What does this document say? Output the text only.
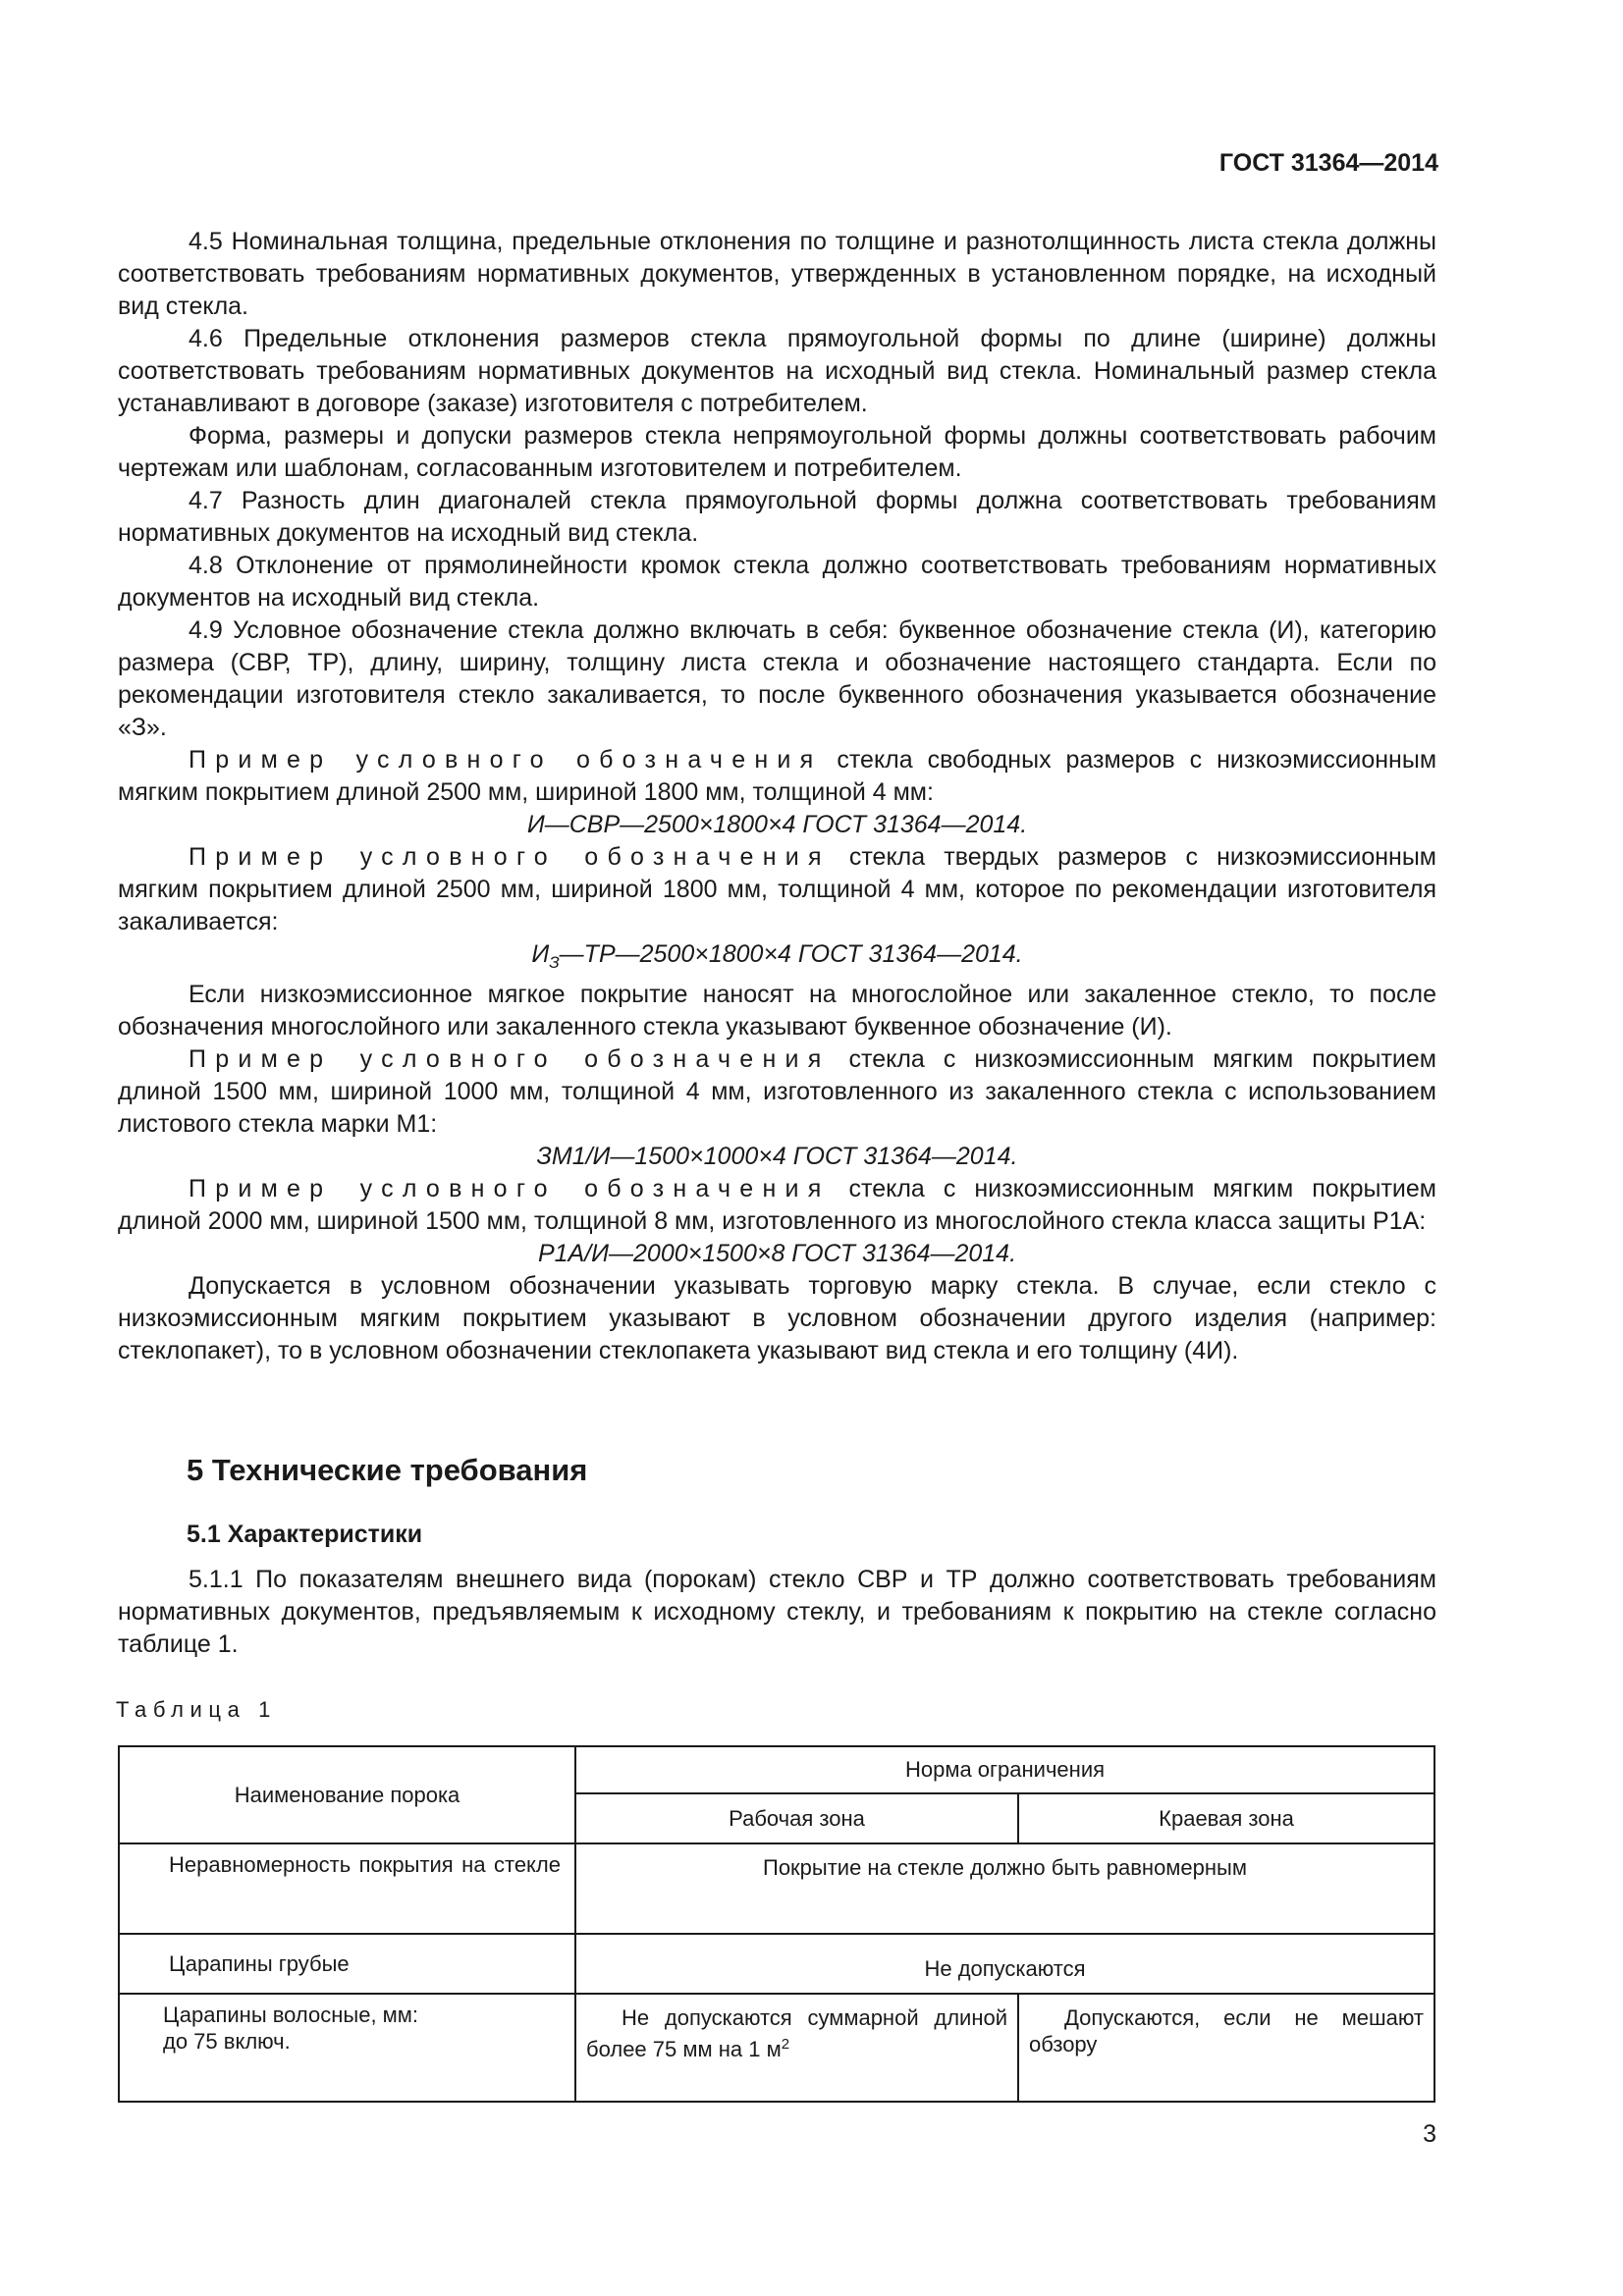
ГОСТ 31364—2014

4.5 Номинальная толщина, предельные отклонения по толщине и разнотолщинность листа стекла должны соответствовать требованиям нормативных документов, утвержденных в установленном порядке, на исходный вид стекла.

4.6 Предельные отклонения размеров стекла прямоугольной формы по длине (ширине) должны соответствовать требованиям нормативных документов на исходный вид стекла. Номинальный размер стекла устанавливают в договоре (заказе) изготовителя с потребителем.

Форма, размеры и допуски размеров стекла непрямоугольной формы должны соответствовать рабочим чертежам или шаблонам, согласованным изготовителем и потребителем.

4.7 Разность длин диагоналей стекла прямоугольной формы должна соответствовать требованиям нормативных документов на исходный вид стекла.

4.8 Отклонение от прямолинейности кромок стекла должно соответствовать требованиям нормативных документов на исходный вид стекла.

4.9 Условное обозначение стекла должно включать в себя: буквенное обозначение стекла (И), категорию размера (СВР, ТР), длину, ширину, толщину листа стекла и обозначение настоящего стандарта. Если по рекомендации изготовителя стекло закаливается, то после буквенного обозначения указывается обозначение «З».

Пример условного обозначения стекла свободных размеров с низкоэмиссионным мягким покрытием длиной 2500 мм, шириной 1800 мм, толщиной 4 мм:

И—СВР—2500×1800×4 ГОСТ 31364—2014.

Пример условного обозначения стекла твердых размеров с низкоэмиссионным мягким покрытием длиной 2500 мм, шириной 1800 мм, толщиной 4 мм, которое по рекомендации изготовителя закаливается:

$И_З—ТР—2500\times 1800\times 4$ ГОСТ 31364—2014.

Если низкоэмиссионное мягкое покрытие наносят на многослойное или закаленное стекло, то после обозначения многослойного или закаленного стекла указывают буквенное обозначение (И).

Пример условного обозначения стекла с низкоэмиссионным мягким покрытием длиной 1500 мм, шириной 1000 мм, толщиной 4 мм, изготовленного из закаленного стекла с использованием листового стекла марки М1:

ЗМ1/И—1500×1000×4 ГОСТ 31364—2014.

Пример условного обозначения стекла с низкоэмиссионным мягким покрытием длиной 2000 мм, шириной 1500 мм, толщиной 8 мм, изготовленного из многослойного стекла класса защиты Р1А:

Р1А/И—2000×1500×8 ГОСТ 31364—2014.

Допускается в условном обозначении указывать торговую марку стекла. В случае, если стекло с низкоэмиссионным мягким покрытием указывают в условном обозначении другого изделия (например: стеклопакет), то в условном обозначении стеклопакета указывают вид стекла и его толщину (4И).

5 Технические требования
5.1 Характеристики

5.1.1 По показателям внешнего вида (порокам) стекло СВР и ТР должно соответствовать требованиям нормативных документов, предъявляемым к исходному стеклу, и требованиям к покрытию на стекле согласно таблице 1.

Таблица 1

Наименование порока	Норма ограничения	
	Рабочая зона	Краевая зона

Неравномерность покрытия на стекле	Покрытие на стекле должно быть равномерным	

Царапины грубые	Не допускаются	

Царапины волосные, мм:
до 75 включ.	Не допускаются суммарной длиной более 75 мм на 1 $м^2$	Допускаются, если не мешают обзору

3
